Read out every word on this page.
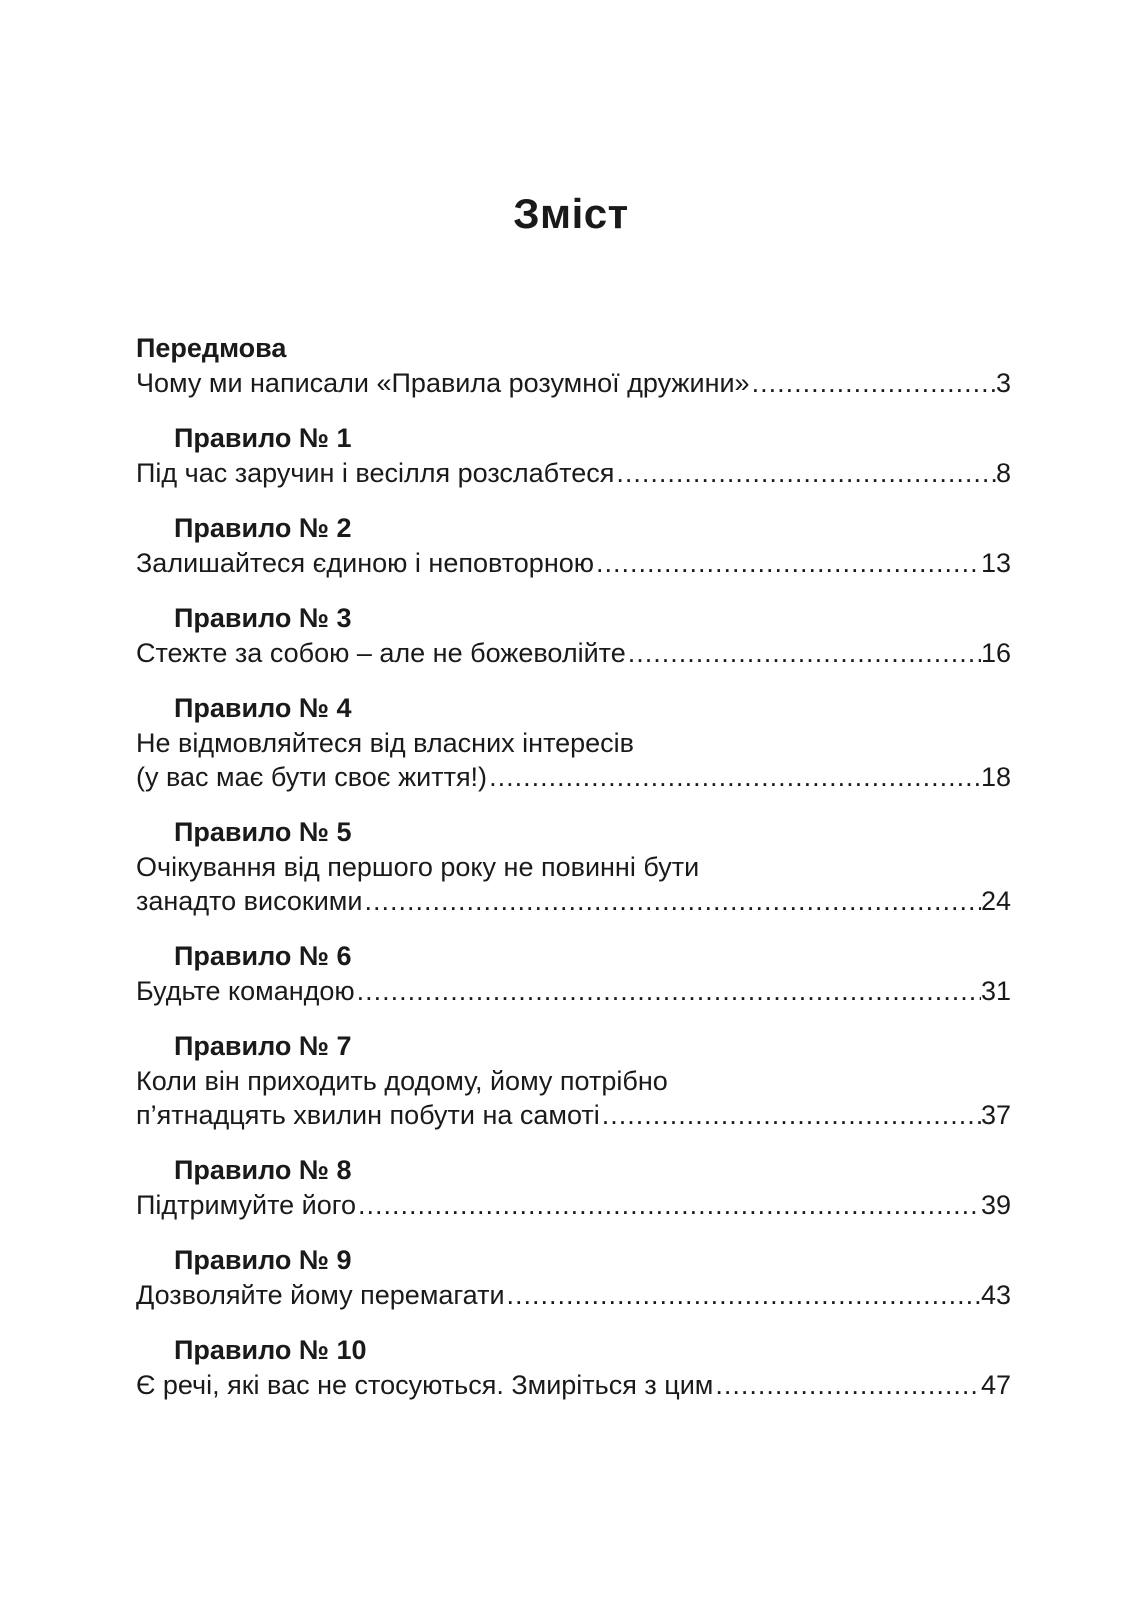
Зміст
Передмова
Чому ми написали «Правила розумної дружини» .....	3
Правило № 1
Під час заручин і весілля розслабтеся .....	8
Правило № 2
Залишайтеся єдиною і неповторною .....	13
Правило № 3
Стежте за собою – але не божеволійте .....	16
Правило № 4
Не відмовляйтеся від власних інтересів
(у вас має бути своє життя!) .....	18
Правило № 5
Очікування від першого року не повинні бути
занадто високими .....	24
Правило № 6
Будьте командою .....	31
Правило № 7
Коли він приходить додому, йому потрібно
п’ятнадцять хвилин побути на самоті .....	37
Правило № 8
Підтримуйте його .....	39
Правило № 9
Дозволяйте йому перемагати .....	43
Правило № 10
Є речі, які вас не стосуються. Змиріться з цим .....	47
